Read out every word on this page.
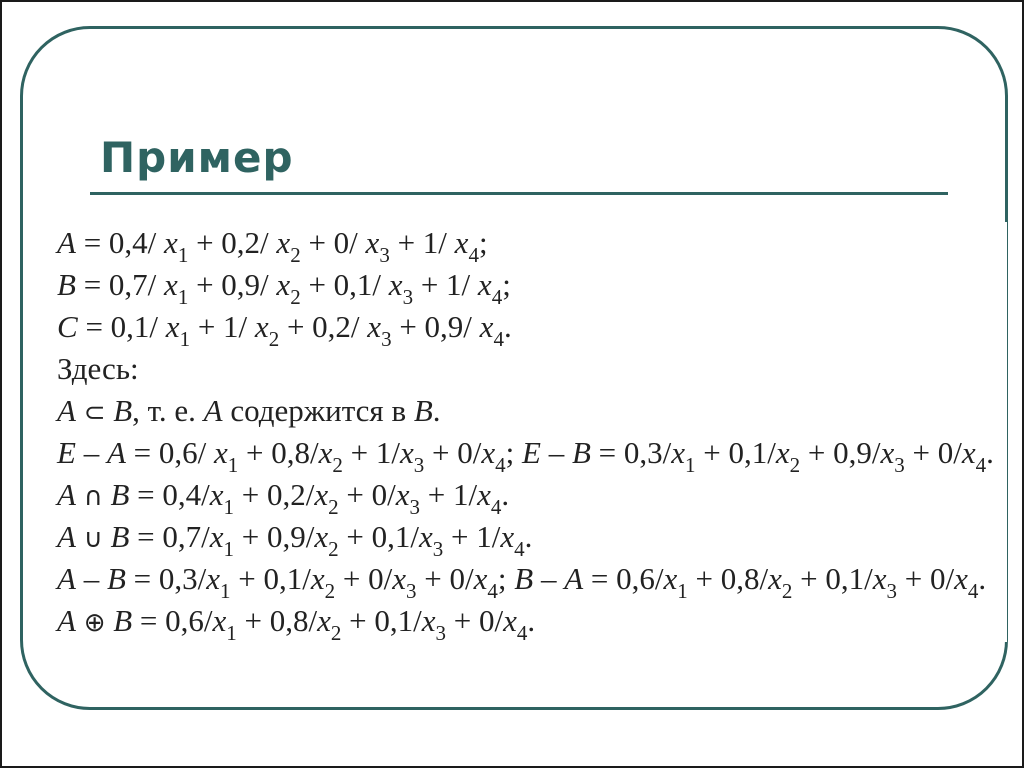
Пример
A = 0,4/ $x_1 + 0,2/$ $x_2 + 0/$ $x_3 + 1/$ $x_4$;
B = 0,7/ $x_1 + 0,9/$ $x_2 + 0,1/$ $x_3 + 1/$ $x_4$;
C = 0,1/ $x_1 + 1/$ $x_2 + 0,2/$ $x_3 + 0,9/$ $x_4$.
Здесь:
A ⊂ B, т. е. A содержится в B.
E – A = 0,6/ $x_1 + 0,8/x_2 + 1/x_3 + 0/x_4$; $E - B = 0,3/x_1 + 0,1/x_2 + 0,9/x_3 + 0/x_4$.
A ∩ $B = 0,4/x_1 + 0,2/x_2 + 0/x_3 + 1/x_4$.
A ∪ $B = 0,7/x_1 + 0,9/x_2 + 0,1/x_3 + 1/x_4$.
$A - B = 0,3/x_1 + 0,1/x_2 + 0/x_3 + 0/x_4$; $B - A = 0,6/x_1 + 0,8/x_2 + 0,1/x_3 + 0/x_4$.
A ⊕ $B = 0,6/x_1 + 0,8/x_2 + 0,1/x_3 + 0/x_4$.
